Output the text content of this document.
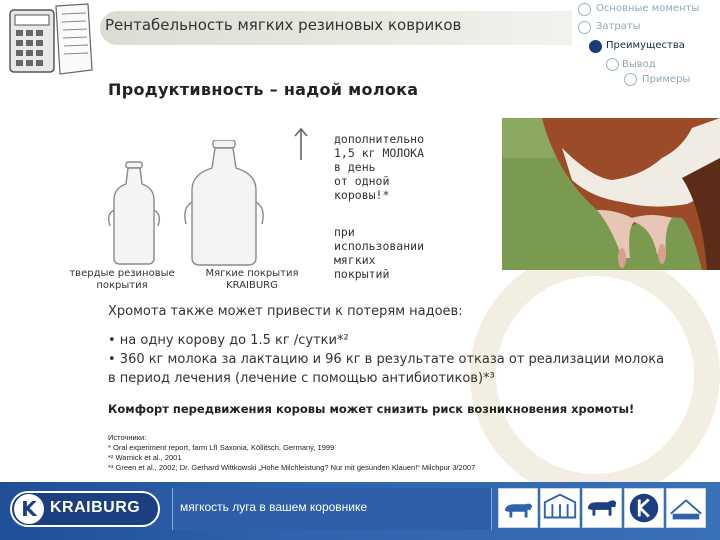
Рентабельность мягких резиновых ковриков
Основные моменты
Затраты
Преимущества
Вывод
Примеры
Продуктивность – надой молока
твердые резиновые
покрытия
Мягкие покрытия
KRAIBURG
дополнительно
1,5 кг МОЛОКА
в день
от одной
коровы!*
при
использовании
мягких
покрытий
Хромота также может привести к потерям надоев:
• на одну корову до 1.5 кг /сутки*²
• 360 кг молока за лактацию и 96 кг в результате отказа от реализации молока
в период лечения (лечение с помощью антибиотиков)*³
Комфорт передвижения коровы может снизить риск возникновения хромоты!
Источники:
* Oral experiment report, farm LfI Saxonia, Köllitsch, Germany, 1999
*² Warnick et al., 2001
*³ Green et al., 2002; Dr. Gerhard Wittkowski „Hohe Milchleistung? Nur mit gesunden Klauen!“ Milchpur 3/2007
K KRAIBURG	мягкость луга в вашем коровнике
